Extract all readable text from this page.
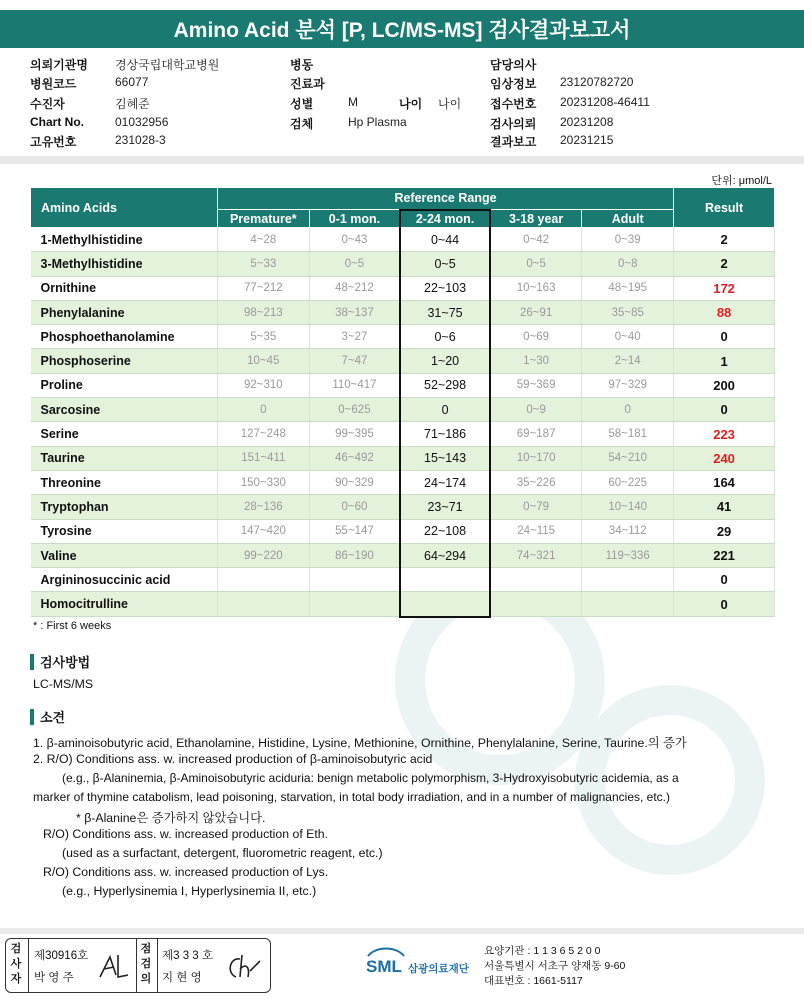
Amino Acid 분석 [P, LC/MS-MS] 검사결과보고서
의뢰기관명 경상국립대학교병원
병원코드	66077
수진자	김혜준
Chart No.	01032956
고유번호	231028-3
병동
진료과
성별	M	나이 나이
검체	Hp Plasma
담당의사
임상정보 23120782720
접수번호 20231208-46411
검사의뢰 20231208
결과보고 20231215
단위: μmol/L
Amino Acids	Reference Range					Result
	Premature*	0-1 mon.	2-24 mon.	3-18 year	Adult	
1-Methylhistidine	4~28	0~43	0~44	0~42	0~39	2
3-Methylhistidine	5~33	0~5	0~5	0~5	0~8	2
Ornithine	77~212	48~212	22~103	10~163	48~195	172
Phenylalanine	98~213	38~137	31~75	26~91	35~85	88
Phosphoethanolamine	5~35	3~27	0~6	0~69	0~40	0
Phosphoserine	10~45	7~47	1~20	1~30	2~14	1
Proline	92~310	110~417	52~298	59~369	97~329	200
Sarcosine	0	0~625	0	0~9	0	0
Serine	127~248	99~395	71~186	69~187	58~181	223
Taurine	151~411	46~492	15~143	10~170	54~210	240
Threonine	150~330	90~329	24~174	35~226	60~225	164
Tryptophan	28~136	0~60	23~71	0~79	10~140	41
Tyrosine	147~420	55~147	22~108	24~115	34~112	29
Valine	99~220	86~190	64~294	74~321	119~336	221
Argininosuccinic acid						0
Homocitrulline						0
* : First 6 weeks
검사방법
LC-MS/MS
소견
1. β-aminoisobutyric acid, Ethanolamine, Histidine, Lysine, Methionine, Ornithine, Phenylalanine, Serine, Taurine.의 증가
2. R/O) Conditions ass. w. increased production of β-aminoisobutyric acid
(e.g., β-Alaninemia, β-Aminoisobutyric aciduria: benign metabolic polymorphism, 3-Hydroxyisobutyric acidemia, as a
marker of thymine catabolism, lead poisoning, starvation, in total body irradiation, and in a number of malignancies, etc.)
* β-Alanine은 증가하지 않았습니다.
R/O) Conditions ass. w. increased production of Eth.
(used as a surfactant, detergent, fluorometric reagent, etc.)
R/O) Conditions ass. w. increased production of Lys.
(e.g., Hyperlysinemia I, Hyperlysinemia II, etc.)
검사자
제30916호
박 영 주
점검의
제3 3 3 호
지 현 영
SML 삼광의료재단
요양기관 : 1 1 3 6 5 2 0 0
서울특별시 서초구 양재동 9-60
대표번호 : 1661-5117
